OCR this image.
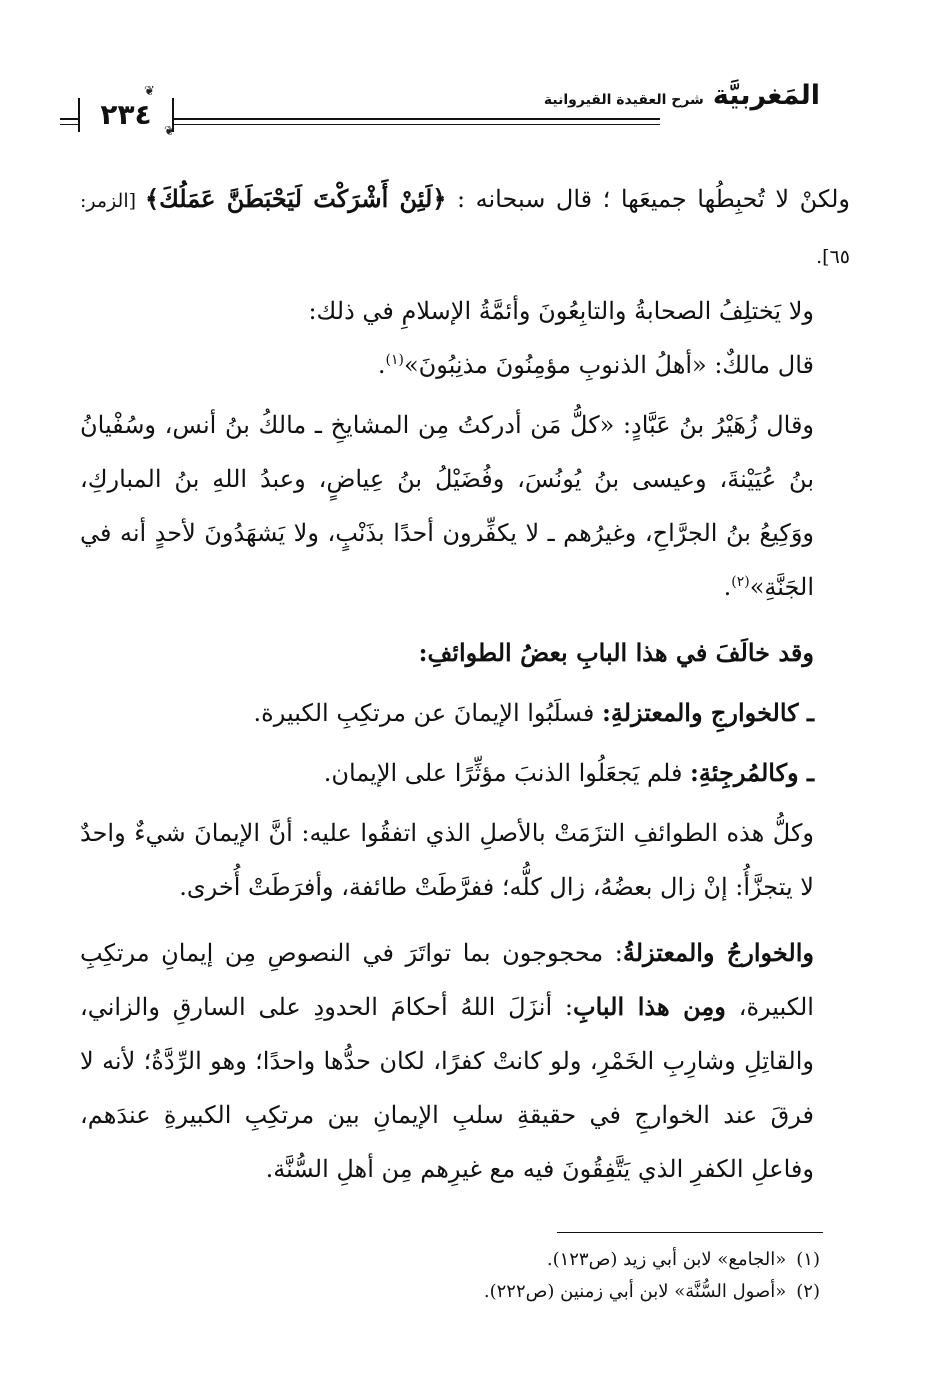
المَغربيَّة شرح العقيدة القيروانية
٢٣٤
❦
❦

ولكنْ لا تُحبِطُها جميعَها ؛ قال سبحانه : ﴿لَئِنْ أَشْرَكْتَ لَيَحْبَطَنَّ عَمَلُكَ﴾ [الزمر: ٦٥].

ولا يَختلِفُ الصحابةُ والتابِعُونَ وأئمَّةُ الإسلامِ في ذلك:

قال مالكٌ: «أهلُ الذنوبِ مؤمِنُونَ مذنِبُونَ»$^{(١)}$.

وقال زُهَيْرُ بنُ عَبَّادٍ: «كلُّ مَن أدركتُ مِن المشايخِ ـ مالكُ بنُ أنس، وسُفْيانُ بنُ عُيَيْنةَ، وعيسى بنُ يُونُسَ، وفُضَيْلُ بنُ عِياضٍ، وعبدُ اللهِ بنُ المباركِ، ووَكِيعُ بنُ الجرَّاحِ، وغيرُهم ـ لا يكفِّرون أحدًا بذَنْبٍ، ولا يَشهَدُونَ لأحدٍ أنه في الجَنَّةِ»$^{(٢)}$.

وقد خالَفَ في هذا البابِ بعضُ الطوائفِ:

ـ كالخوارجِ والمعتزلةِ: فسلَبُوا الإيمانَ عن مرتكِبِ الكبيرة.

ـ وكالمُرجِئةِ: فلم يَجعَلُوا الذنبَ مؤثِّرًا على الإيمان.

وكلُّ هذه الطوائفِ التزَمَتْ بالأصلِ الذي اتفقُوا عليه: أنَّ الإيمانَ شيءٌ واحدٌ لا يتجزَّأُ: إنْ زال بعضُهُ، زال كلُّه؛ ففرَّطَتْ طائفة، وأفرَطَتْ أُخرى.

والخوارجُ والمعتزلةُ: محجوجون بما تواتَرَ في النصوصِ مِن إيمانِ مرتكِبِ الكبيرة، ومِن هذا البابِ: أنزَلَ اللهُ أحكامَ الحدودِ على السارقِ والزاني، والقاتِلِ وشارِبِ الخَمْرِ، ولو كانتْ كفرًا، لكان حدُّها واحدًا؛ وهو الرِّدَّةُ؛ لأنه لا فرقَ عند الخوارجِ في حقيقةِ سلبِ الإيمانِ بين مرتكِبِ الكبيرةِ عندَهم، وفاعلِ الكفرِ الذي يَتَّفِقُونَ فيه مع غيرِهم مِن أهلِ السُّنَّة.

(١)«الجامع» لابن أبي زيد (ص١٢٣).

(٢)«أصول السُّنَّة» لابن أبي زمنين (ص٢٢٢).
